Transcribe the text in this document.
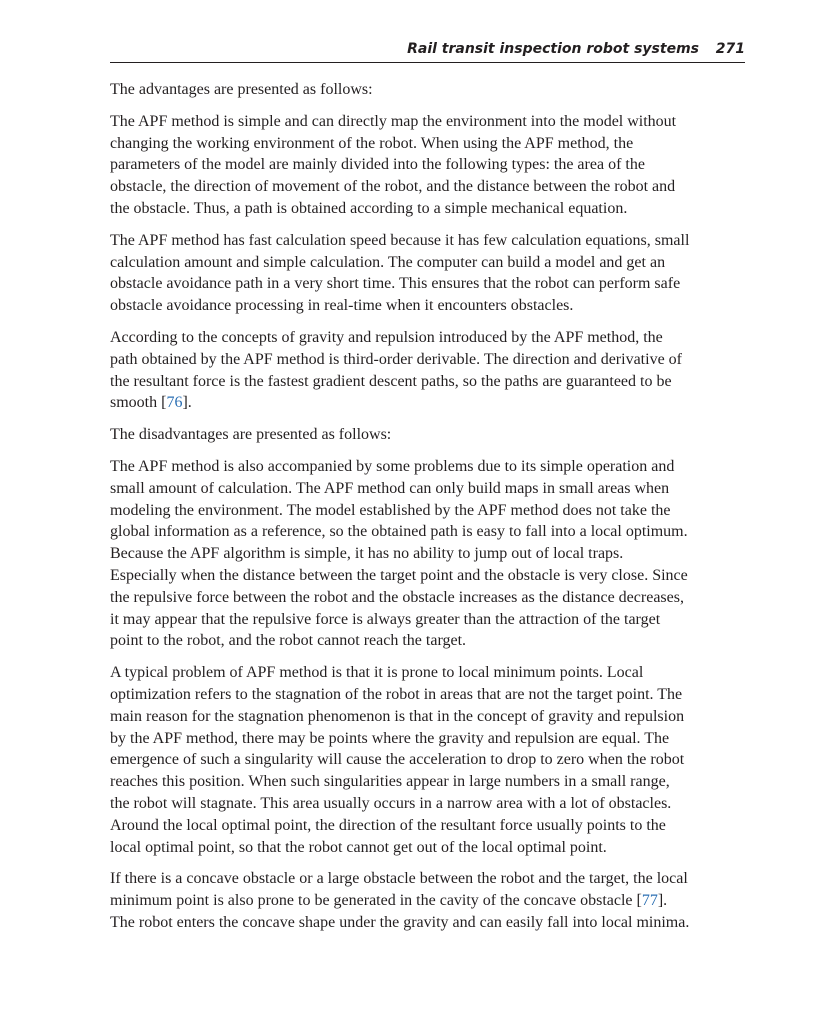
Rail transit inspection robot systems 271

The advantages are presented as follows:

The APF method is simple and can directly map the environment into the model without
changing the working environment of the robot. When using the APF method, the
parameters of the model are mainly divided into the following types: the area of the
obstacle, the direction of movement of the robot, and the distance between the robot and
the obstacle. Thus, a path is obtained according to a simple mechanical equation.

The APF method has fast calculation speed because it has few calculation equations, small
calculation amount and simple calculation. The computer can build a model and get an
obstacle avoidance path in a very short time. This ensures that the robot can perform safe
obstacle avoidance processing in real-time when it encounters obstacles.

According to the concepts of gravity and repulsion introduced by the APF method, the
path obtained by the APF method is third-order derivable. The direction and derivative of
the resultant force is the fastest gradient descent paths, so the paths are guaranteed to be
smooth [76].

The disadvantages are presented as follows:

The APF method is also accompanied by some problems due to its simple operation and
small amount of calculation. The APF method can only build maps in small areas when
modeling the environment. The model established by the APF method does not take the
global information as a reference, so the obtained path is easy to fall into a local optimum.
Because the APF algorithm is simple, it has no ability to jump out of local traps.
Especially when the distance between the target point and the obstacle is very close. Since
the repulsive force between the robot and the obstacle increases as the distance decreases,
it may appear that the repulsive force is always greater than the attraction of the target
point to the robot, and the robot cannot reach the target.

A typical problem of APF method is that it is prone to local minimum points. Local
optimization refers to the stagnation of the robot in areas that are not the target point. The
main reason for the stagnation phenomenon is that in the concept of gravity and repulsion
by the APF method, there may be points where the gravity and repulsion are equal. The
emergence of such a singularity will cause the acceleration to drop to zero when the robot
reaches this position. When such singularities appear in large numbers in a small range,
the robot will stagnate. This area usually occurs in a narrow area with a lot of obstacles.
Around the local optimal point, the direction of the resultant force usually points to the
local optimal point, so that the robot cannot get out of the local optimal point.

If there is a concave obstacle or a large obstacle between the robot and the target, the local
minimum point is also prone to be generated in the cavity of the concave obstacle [77].
The robot enters the concave shape under the gravity and can easily fall into local minima.
